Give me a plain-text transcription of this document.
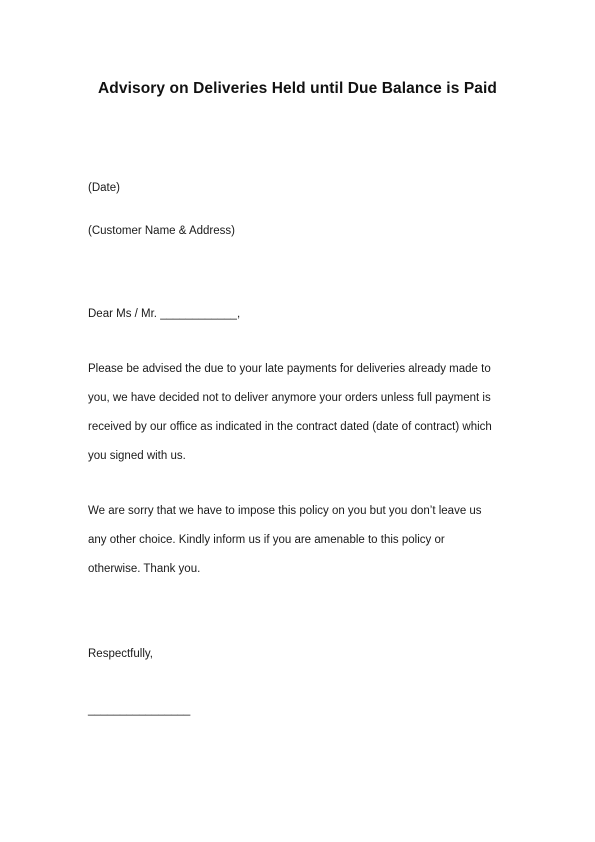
Advisory on Deliveries Held until Due Balance is Paid
(Date)
(Customer Name & Address)
Dear Ms / Mr. ____________,
Please be advised the due to your late payments for deliveries already made to
you, we have decided not to deliver anymore your orders unless full payment is
received by our office as indicated in the contract dated (date of contract) which
you signed with us.
We are sorry that we have to impose this policy on you but you don’t leave us
any other choice. Kindly inform us if you are amenable to this policy or
otherwise. Thank you.
Respectfully,
________________
